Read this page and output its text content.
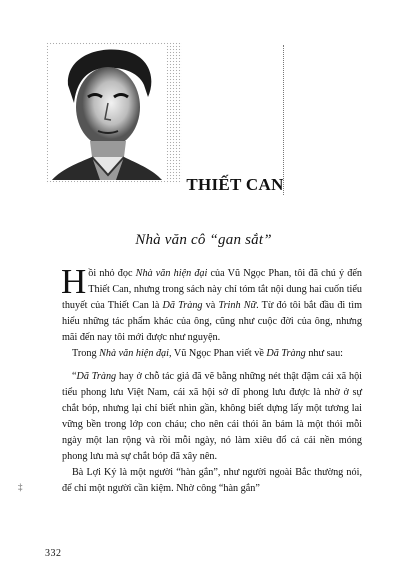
THIẾT CAN
Nhà văn cô “gan sắt”

Hồi nhỏ đọc Nhà văn hiện đại của Vũ Ngọc Phan, tôi đã chú ý đến Thiết Can, nhưng trong sách này chỉ tóm tắt nội dung hai cuốn tiểu thuyết của Thiết Can là Dã Tràng và Trinh Nữ. Từ đó tôi bắt đầu đi tìm hiểu những tác phẩm khác của ông, cũng như cuộc đời của ông, nhưng mãi đến nay tôi mới được như nguyện.

Trong Nhà văn hiện đại, Vũ Ngọc Phan viết về Dã Tràng như sau:

“Dã Tràng hay ở chỗ tác giả đã vẽ bằng những nét thật đậm cái xã hội tiểu phong lưu Việt Nam, cái xã hội sở dĩ phong lưu được là nhờ ở sự chắt bóp, nhưng lại chỉ biết nhìn gần, không biết dựng lấy một tương lai vững bền trong lớp con cháu; cho nên cái thói ăn bám là một thói mỗi ngày một lan rộng và rồi mỗi ngày, nó làm xiêu đổ cả cái nền móng phong lưu mà sự chắt bóp đã xây nên.

Bà Lợi Ký là một người “hàn gắn”, như người ngoài Bắc thường nói, để chỉ một người cần kiệm. Nhờ công “hàn gắn”

‡
332
